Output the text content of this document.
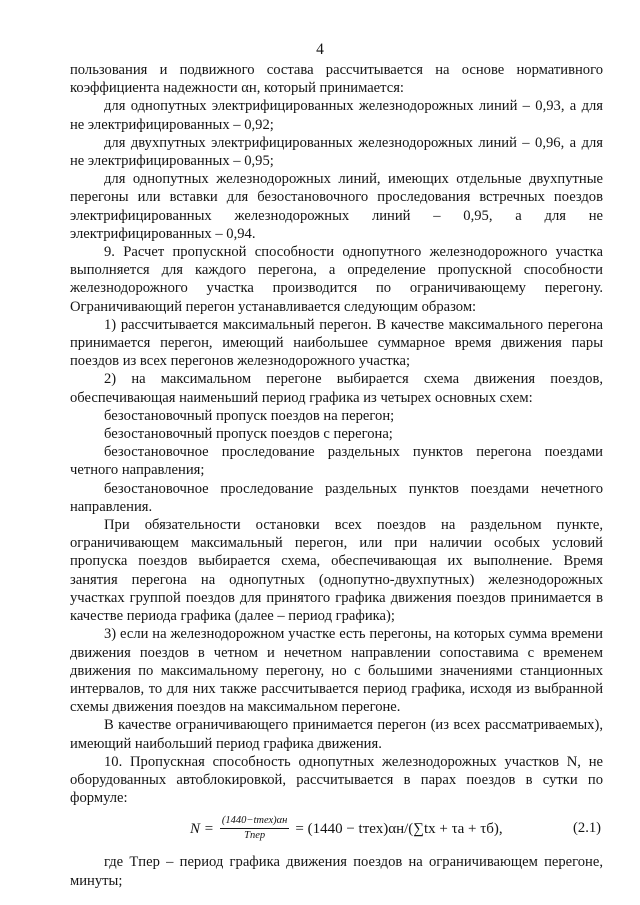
4

пользования и подвижного состава рассчитывается на основе нормативного коэффициента надежности αн, который принимается:

для однопутных электрифицированных железнодорожных линий – 0,93, а для не электрифицированных – 0,92;

для двухпутных электрифицированных железнодорожных линий – 0,96, а для не электрифицированных – 0,95;

для однопутных железнодорожных линий, имеющих отдельные двухпутные перегоны или вставки для безостановочного проследования встречных поездов электрифицированных железнодорожных линий – 0,95, а для не электрифицированных – 0,94.

9. Расчет пропускной способности однопутного железнодорожного участка выполняется для каждого перегона, а определение пропускной способности железнодорожного участка производится по ограничивающему перегону. Ограничивающий перегон устанавливается следующим образом:

1) рассчитывается максимальный перегон. В качестве максимального перегона принимается перегон, имеющий наибольшее суммарное время движения пары поездов из всех перегонов железнодорожного участка;

2) на максимальном перегоне выбирается схема движения поездов, обеспечивающая наименьший период графика из четырех основных схем:

безостановочный пропуск поездов на перегон;

безостановочный пропуск поездов с перегона;

безостановочное проследование раздельных пунктов перегона поездами четного направления;

безостановочное проследование раздельных пунктов поездами нечетного направления.

При обязательности остановки всех поездов на раздельном пункте, ограничивающем максимальный перегон, или при наличии особых условий пропуска поездов выбирается схема, обеспечивающая их выполнение. Время занятия перегона на однопутных (однопутно-двухпутных) железнодорожных участках группой поездов для принятого графика движения поездов принимается в качестве периода графика (далее – период графика);

3) если на железнодорожном участке есть перегоны, на которых сумма времени движения поездов в четном и нечетном направлении сопоставима с временем движения по максимальному перегону, но с большими значениями станционных интервалов, то для них также рассчитывается период графика, исходя из выбранной схемы движения поездов на максимальном перегоне.

В качестве ограничивающего принимается перегон (из всех рассматриваемых), имеющий наибольший период графика движения.

10. Пропускная способность однопутных железнодорожных участков N, не оборудованных автоблокировкой, рассчитывается в парах поездов в сутки по формуле:

$N = \frac{\text{(1440−tтех)αн}}{\text{Tпер}} = (1440$ − tтех)αн/(∑tх + τа + τб),	(2.1)

где Tпер – период графика движения поездов на ограничивающем перегоне, минуты;
